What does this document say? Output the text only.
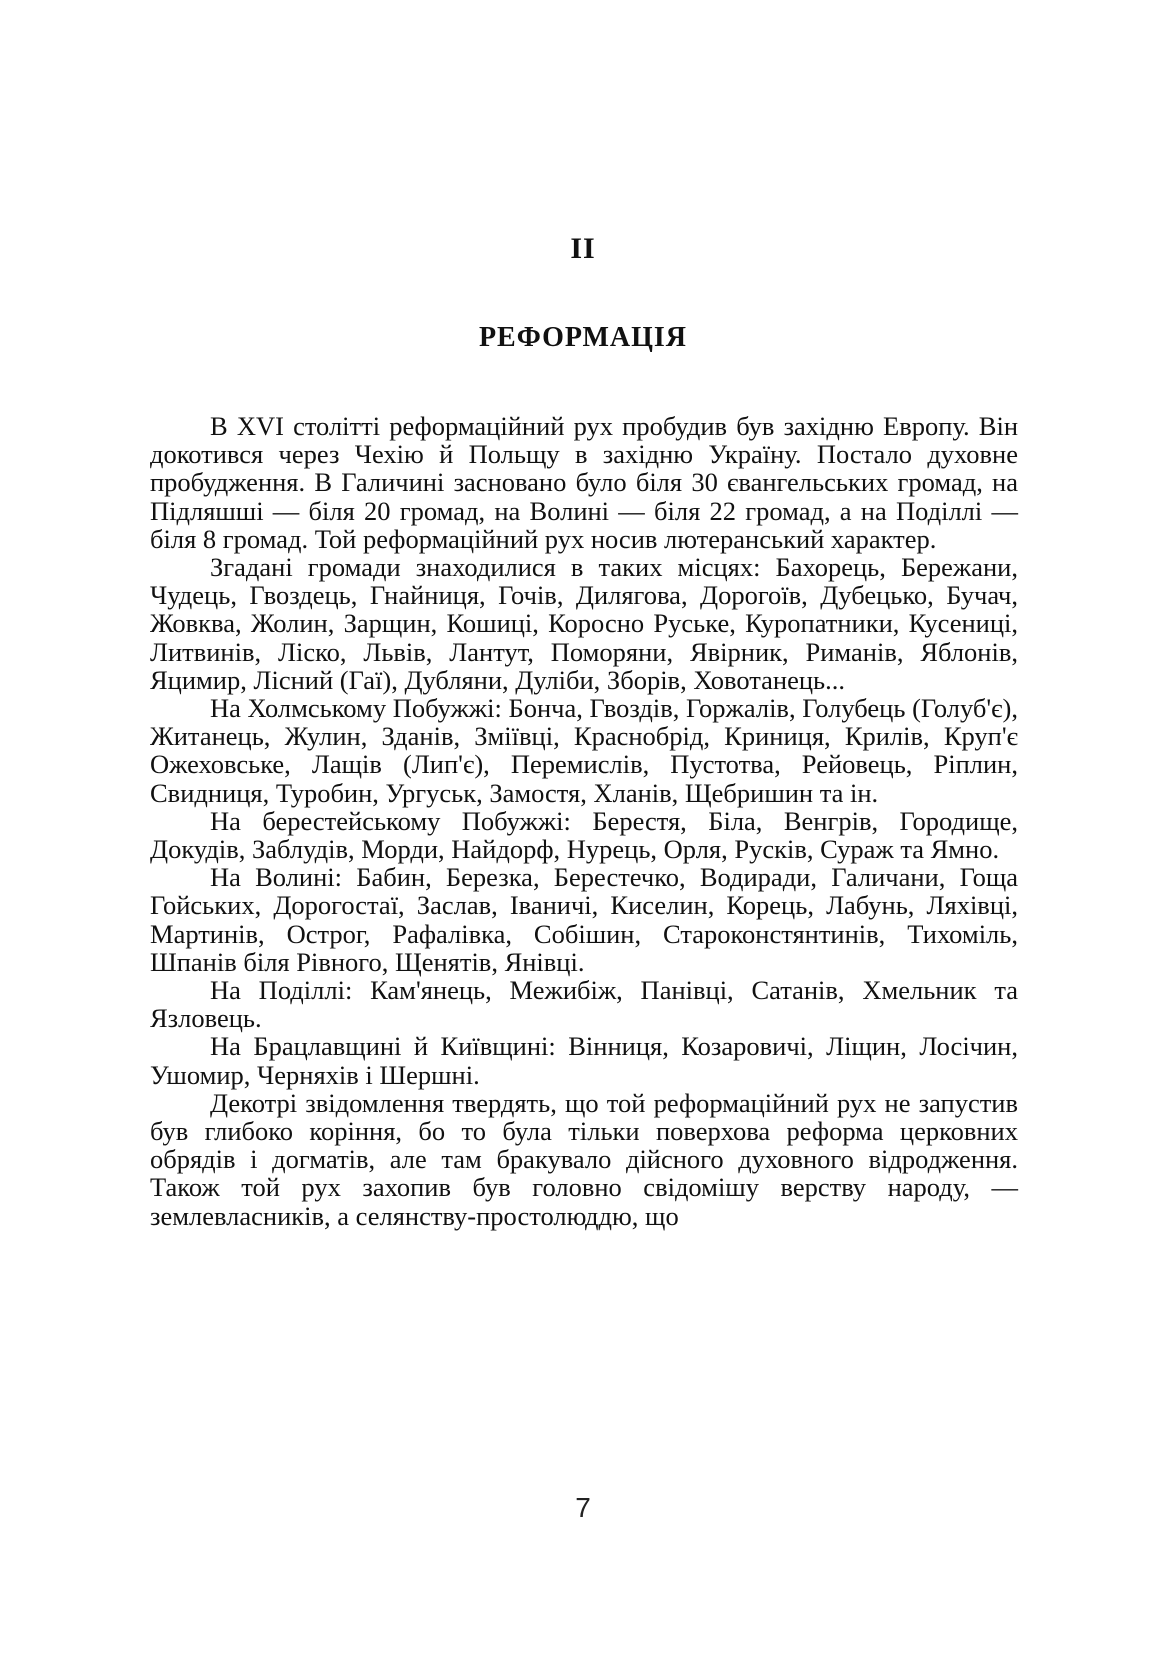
II
РЕФОРМАЦІЯ

В XVI столітті реформаційний рух пробудив був західню Европу. Він докотився через Чехію й Польщу в західню Україну. Постало духовне пробудження. В Галичині засновано було біля 30 євангельських громад, на Підляшші — біля 20 громад, на Волині — біля 22 громад, а на Поділлі — біля 8 громад. Той реформаційний рух носив лютеранський характер.

Згадані громади знаходилися в таких місцях: Бахорець, Бережани, Чудець, Гвоздець, Гнайниця, Гочів, Дилягова, Дорогоїв, Дубецько, Бучач, Жовква, Жолин, Зарщин, Кошиці, Коросно Руське, Куропатники, Кусениці, Литвинів, Ліско, Львів, Лантут, Поморяни, Явірник, Риманів, Яблонів, Яцимир, Лісний (Гаї), Дубляни, Дуліби, Зборів, Ховотанець...

На Холмському Побужжі: Бонча, Гвоздів, Горжалів, Голубець (Голуб'є), Житанець, Жулин, Зданів, Зміївці, Краснобрід, Криниця, Крилів, Круп'є Ожеховське, Лащів (Лип'є), Перемислів, Пустотва, Рейовець, Ріплин, Свидниця, Туробин, Ургуськ, Замостя, Хланів, Щебришин та ін.

На берестейському Побужжі: Берестя, Біла, Венгрів, Городище, Докудів, Заблудів, Морди, Найдорф, Нурець, Орля, Русків, Сураж та Ямно.

На Волині: Бабин, Березка, Берестечко, Водиради, Галичани, Гоща Гойських, Дорогостаї, Заслав, Іваничі, Киселин, Корець, Лабунь, Ляхівці, Мартинів, Острог, Рафалівка, Собішин, Староконстянтинів, Тихоміль, Шпанів біля Рівного, Щенятів, Янівці.

На Поділлі: Кам'янець, Межибіж, Панівці, Сатанів, Хмельник та Язловець.

На Брацлавщині й Київщині: Вінниця, Козаровичі, Ліщин, Лосічин, Ушомир, Черняхів і Шершні.

Декотрі звідомлення твердять, що той реформаційний рух не запустив був глибоко коріння, бо то була тільки поверхова реформа церковних обрядів і догматів, але там бракувало дійсного духовного відродження. Також той рух захопив був головно свідомішу верству народу, — землевласників, а селянству-простолюддю, що

7
